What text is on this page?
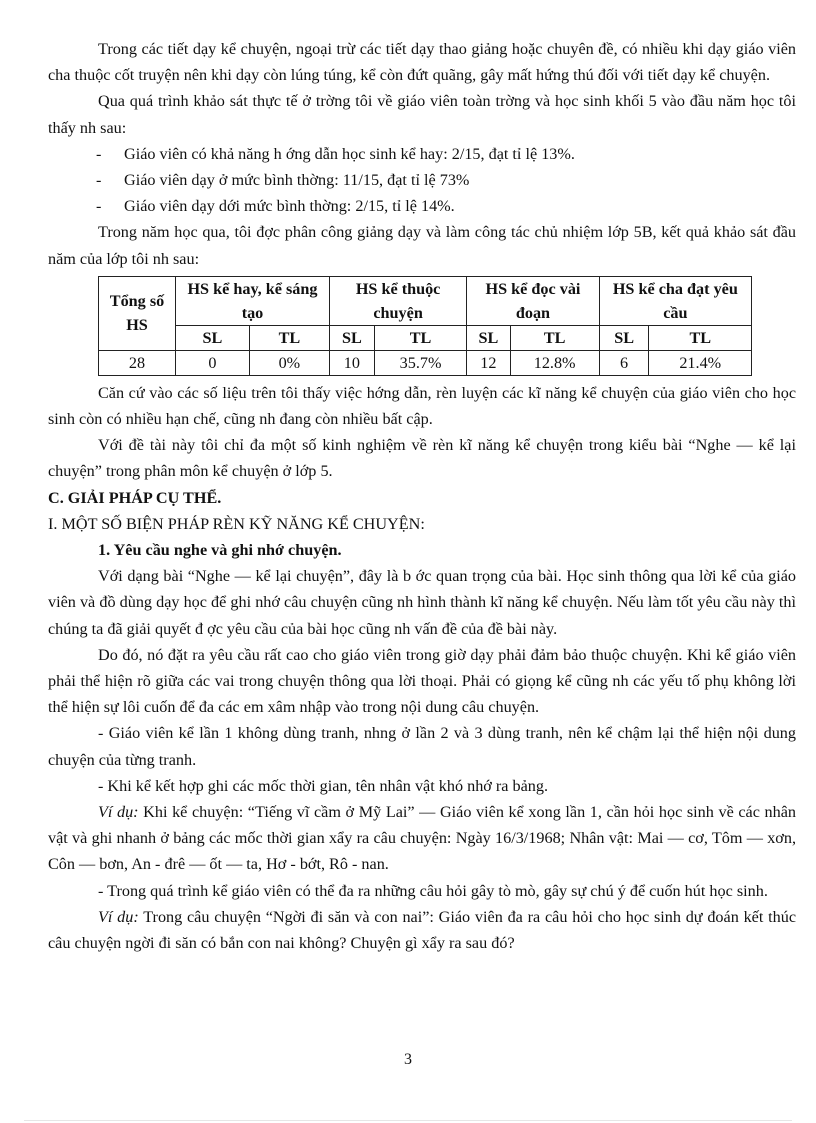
Trong các tiết dạy kể chuyện, ngoại trừ các tiết dạy thao giảng hoặc chuyên đề, có nhiều khi dạy giáo viên cha thuộc cốt truyện nên khi dạy còn lúng túng, kể còn đứt quãng, gây mất hứng thú đối với tiết dạy kể chuyện.

Qua quá trình khảo sát thực tế ở trờng tôi về giáo viên toàn trờng và học sinh khối 5 vào đầu năm học tôi thấy nh sau:

-	Giáo viên có khả năng h ớng dẫn học sinh kể hay: 2/15, đạt tỉ lệ 13%.

-	Giáo viên dạy ở mức bình thờng: 11/15, đạt tỉ lệ 73%

-	Giáo viên dạy dới mức bình thờng: 2/15, tỉ lệ 14%.

Trong năm học qua, tôi đợc phân công giảng dạy và làm công tác chủ nhiệm lớp 5B, kết quả khảo sát đầu năm của lớp tôi nh sau:

Tổng số HS	HS kể hay, kể sáng tạo		HS kể thuộc chuyện		HS kể đọc vài đoạn		HS kể cha đạt yêu cầu	
	SL	TL	SL	TL	SL	TL	SL	TL
28	0	0%	10	35.7%	12	12.8%	6	21.4%

Căn cứ vào các số liệu trên tôi thấy việc hớng dẫn, rèn luyện các kĩ năng kể chuyện của giáo viên cho học sinh còn có nhiều hạn chế, cũng nh đang còn nhiều bất cập.

Với đề tài này tôi chỉ đa một số kinh nghiệm về rèn kĩ năng kể chuyện trong kiểu bài “Nghe — kể lại chuyện” trong phân môn kể chuyện ở lớp 5.

C. GIẢI PHÁP CỤ THỂ.

I. MỘT SỐ BIỆN PHÁP RÈN KỸ NĂNG KỂ CHUYỆN:

1. Yêu cầu nghe và ghi nhớ chuyện.

Với dạng bài “Nghe — kể lại chuyện”, đây là b ớc quan trọng của bài. Học sinh thông qua lời kể của giáo viên và đồ dùng dạy học để ghi nhớ câu chuyện cũng nh hình thành kĩ năng kể chuyện. Nếu làm tốt yêu cầu này thì chúng ta đã giải quyết đ ợc yêu cầu của bài học cũng nh vấn đề của đề bài này.

Do đó, nó đặt ra yêu cầu rất cao cho giáo viên trong giờ dạy phải đảm bảo thuộc chuyện. Khi kể giáo viên phải thể hiện rõ giữa các vai trong chuyện thông qua lời thoại. Phải có giọng kể cũng nh các yếu tố phụ không lời thể hiện sự lôi cuốn để đa các em xâm nhập vào trong nội dung câu chuyện.

- Giáo viên kể lần 1 không dùng tranh, nhng ở lần 2 và 3 dùng tranh, nên kể chậm lại thể hiện nội dung chuyện của từng tranh.

- Khi kể kết hợp ghi các mốc thời gian, tên nhân vật khó nhớ ra bảng.

Ví dụ: Khi kể chuyện: “Tiếng vĩ cầm ở Mỹ Lai” — Giáo viên kể xong lần 1, cần hỏi học sinh về các nhân vật và ghi nhanh ở bảng các mốc thời gian xẩy ra câu chuyện: Ngày 16/3/1968; Nhân vật: Mai — cơ, Tôm — xơn, Côn — bơn, An - đrê — ốt — ta, Hơ - bớt, Rô - nan.

- Trong quá trình kể giáo viên có thể đa ra những câu hỏi gây tò mò, gây sự chú ý để cuốn hút học sinh.

Ví dụ: Trong câu chuyện “Ngời đi săn và con nai”: Giáo viên đa ra câu hỏi cho học sinh dự đoán kết thúc câu chuyện ngời đi săn có bắn con nai không? Chuyện gì xẩy ra sau đó?

3
